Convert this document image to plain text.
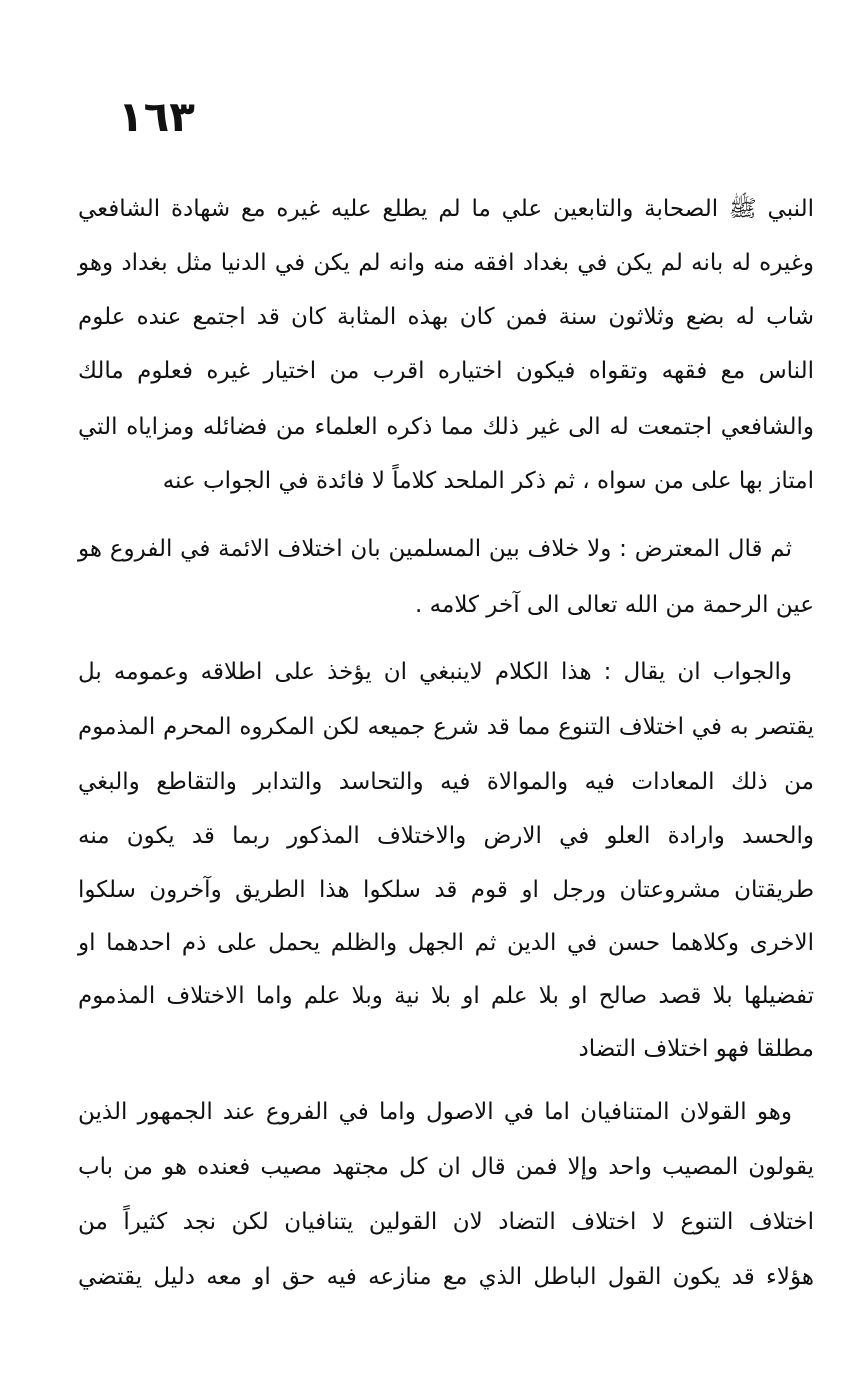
١٦٣
النبي ﷺ الصحابة والتابعين علي ما لم يطلع عليه غيره مع شهادة الشافعي
وغيره له بانه لم يكن في بغداد افقه منه وانه لم يكن في الدنيا مثل بغداد وهو
شاب له بضع وثلاثون سنة فمن كان بهذه المثابة كان قد اجتمع عنده علوم
الناس مع فقهه وتقواه فيكون اختياره اقرب من اختيار غيره فعلوم مالك
والشافعي اجتمعت له الى غير ذلك مما ذكره العلماء من فضائله ومزاياه التي
امتاز بها على من سواه ، ثم ذكر الملحد كلاماً لا فائدة في الجواب عنه
ثم قال المعترض : ولا خلاف بين المسلمين بان اختلاف الائمة في الفروع هو
عين الرحمة من الله تعالى الى آخر كلامه .
والجواب ان يقال : هذا الكلام لاينبغي ان يؤخذ على اطلاقه وعمومه بل
يقتصر به في اختلاف التنوع مما قد شرع جميعه لكن المكروه المحرم المذموم
من ذلك المعادات فيه والموالاة فيه والتحاسد والتدابر والتقاطع والبغي
والحسد وارادة العلو في الارض والاختلاف المذكور ربما قد يكون منه
طريقتان مشروعتان ورجل او قوم قد سلكوا هذا الطريق وآخرون سلكوا
الاخرى وكلاهما حسن في الدين ثم الجهل والظلم يحمل على ذم احدهما او
تفضيلها بلا قصد صالح او بلا علم او بلا نية وبلا علم واما الاختلاف المذموم
مطلقا فهو اختلاف التضاد
وهو القولان المتنافيان اما في الاصول واما في الفروع عند الجمهور الذين
يقولون المصيب واحد وإلا فمن قال ان كل مجتهد مصيب فعنده هو من باب
اختلاف التنوع لا اختلاف التضاد لان القولين يتنافيان لكن نجد كثيراً من
هؤلاء قد يكون القول الباطل الذي مع منازعه فيه حق او معه دليل يقتضي
